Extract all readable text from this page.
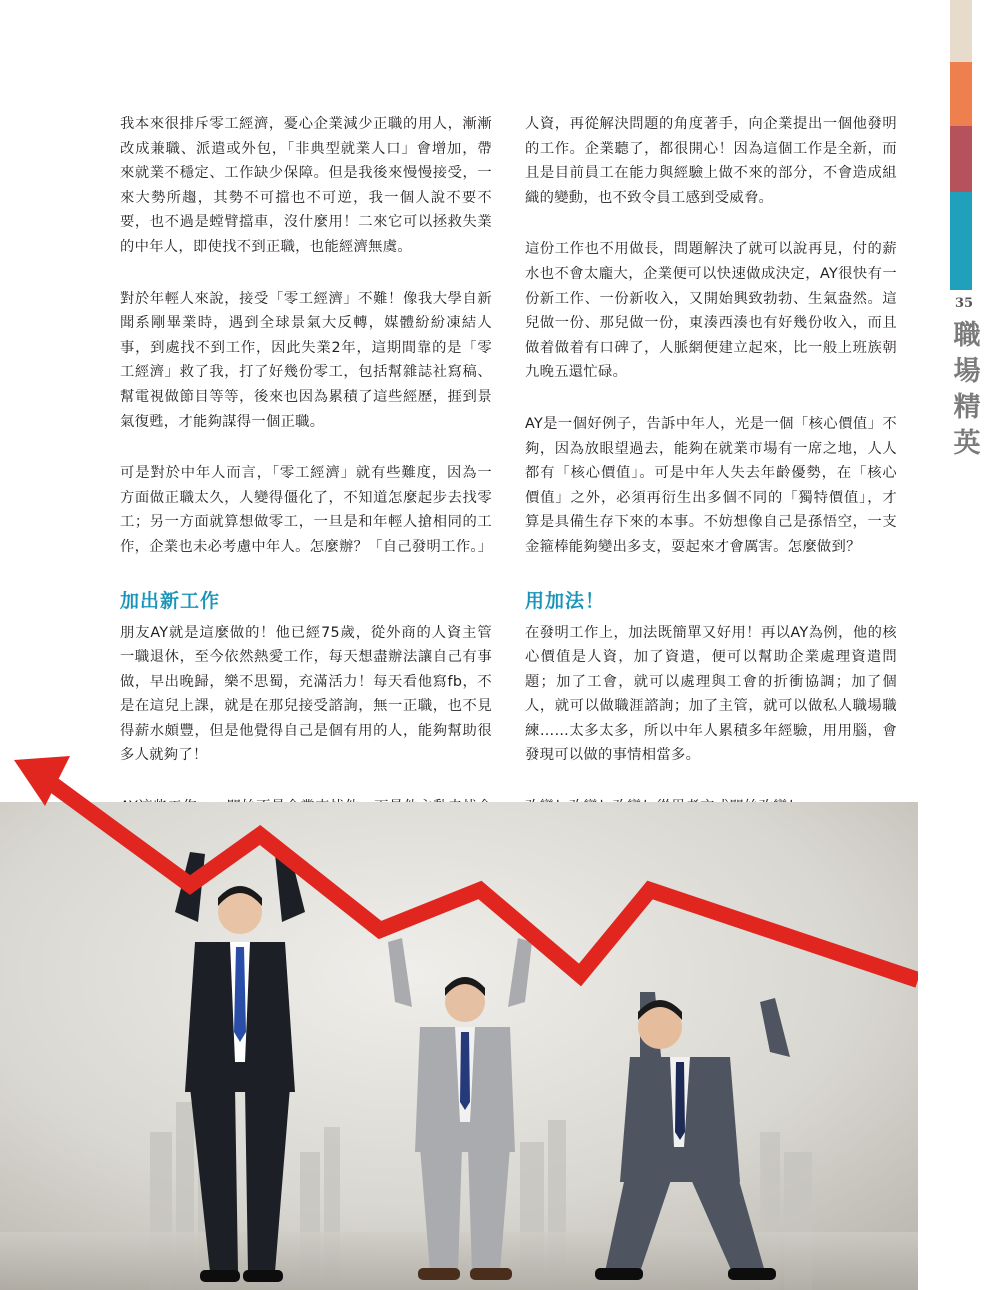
35
職
場
精
英

我本來很排斥零工經濟，憂心企業減少正職的用人，漸漸改成兼職、派遣或外包，「非典型就業人口」會增加，帶來就業不穩定、工作缺少保障。但是我後來慢慢接受，一來大勢所趨，其勢不可擋也不可逆，我一個人說不要不要，也不過是螳臂擋車，沒什麼用！二來它可以拯救失業的中年人，即使找不到正職，也能經濟無虞。

對於年輕人來說，接受「零工經濟」不難！像我大學自新聞系剛畢業時，遇到全球景氣大反轉，媒體紛紛凍結人事，到處找不到工作，因此失業2年，這期間靠的是「零工經濟」救了我，打了好幾份零工，包括幫雜誌社寫稿、幫電視做節目等等，後來也因為累積了這些經歷，捱到景氣復甦，才能夠謀得一個正職。

可是對於中年人而言，「零工經濟」就有些難度，因為一方面做正職太久，人變得僵化了，不知道怎麼起步去找零工；另一方面就算想做零工，一旦是和年輕人搶相同的工作，企業也未必考慮中年人。怎麼辦？「自己發明工作。」

加出新工作

朋友AY就是這麼做的！他已經75歲，從外商的人資主管一職退休，至今依然熱愛工作，每天想盡辦法讓自己有事做，早出晚歸，樂不思蜀，充滿活力！每天看他寫fb，不是在這兒上課，就是在那兒接受諮詢，無一正職，也不見得薪水頗豐，但是他覺得自己是個有用的人，能夠幫助很多人就夠了！

人資，再從解決問題的角度著手，向企業提出一個他發明的工作。企業聽了，都很開心！因為這個工作是全新，而且是目前員工在能力與經驗上做不來的部分，不會造成組織的變動，也不致令員工感到受威脅。

這份工作也不用做長，問題解決了就可以說再見，付的薪水也不會太龐大，企業便可以快速做成決定，AY很快有一份新工作、一份新收入，又開始興致勃勃、生氣盎然。這兒做一份、那兒做一份，東湊西湊也有好幾份收入，而且做着做着有口碑了，人脈網便建立起來，比一般上班族朝九晚五還忙碌。

AY是一個好例子，告訴中年人，光是一個「核心價值」不夠，因為放眼望過去，能夠在就業市場有一席之地，人人都有「核心價值」。可是中年人失去年齡優勢，在「核心價值」之外，必須再衍生出多個不同的「獨特價值」，才算是具備生存下來的本事。不妨想像自己是孫悟空，一支金箍棒能夠變出多支，耍起來才會厲害。怎麼做到？

用加法！

在發明工作上，加法既簡單又好用！再以AY為例，他的核心價值是人資，加了資遣，便可以幫助企業處理資遣問題；加了工會，就可以處理與工會的折衝協調；加了個人，就可以做職涯諮詢；加了主管，就可以做私人職場職練……太多太多，所以中年人累積多年經驗，用用腦，會發現可以做的事情相當多。
